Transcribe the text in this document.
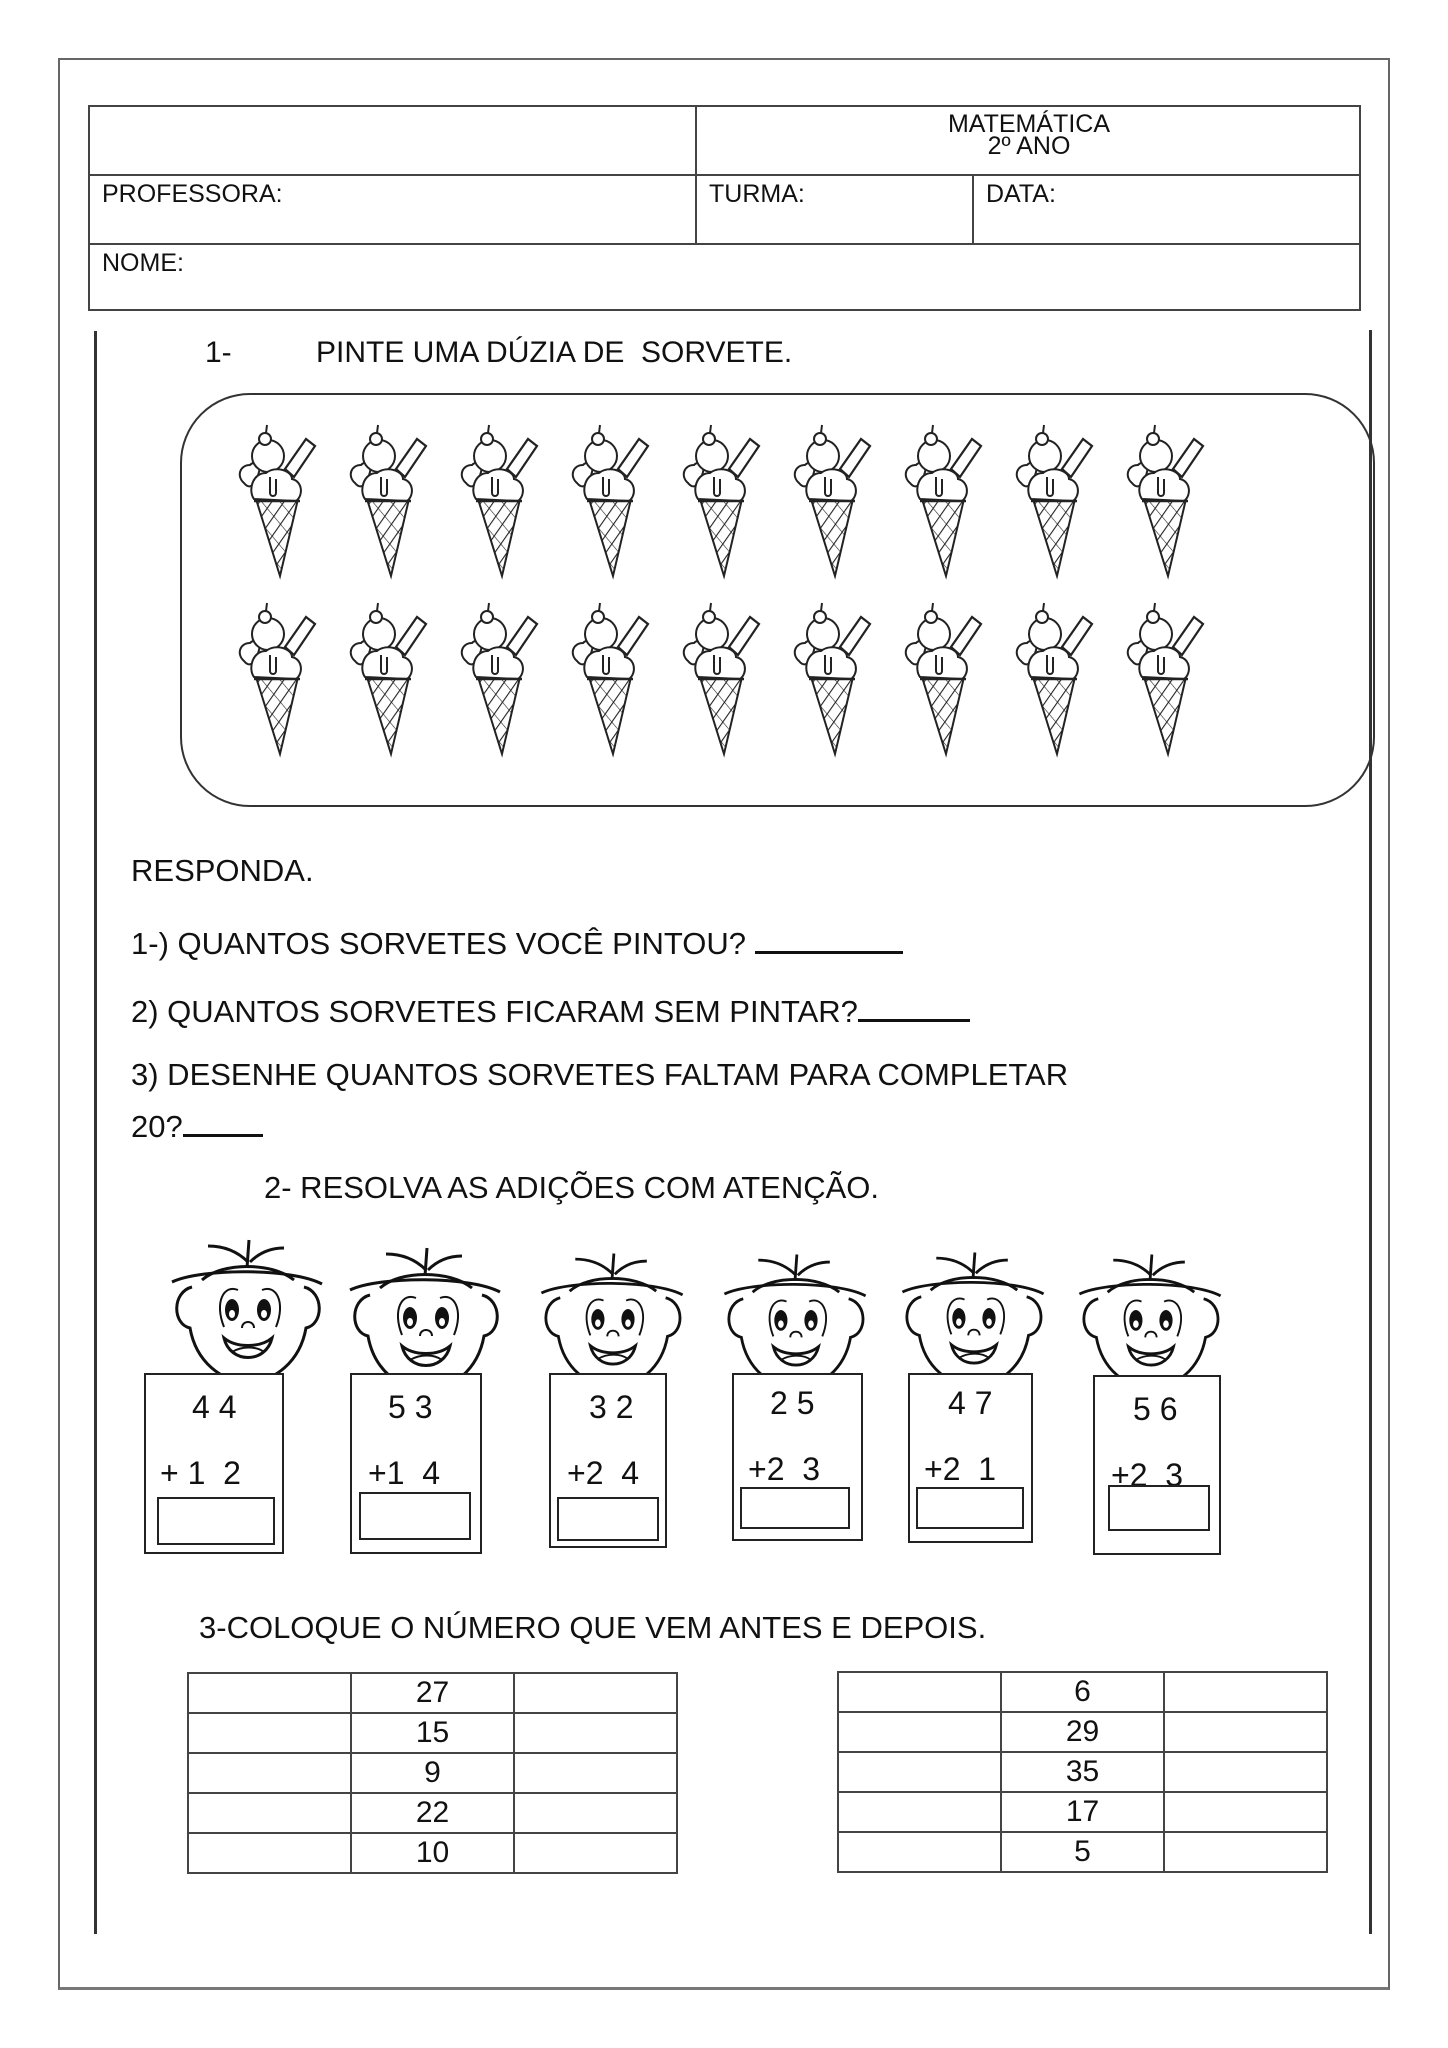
MATEMÁTICA
2º ANO
PROFESSORA:	TURMA:	DATA:
NOME:
1-	PINTE UMA DÚZIA DE  SORVETE.
RESPONDA.
1-) QUANTOS SORVETES VOCÊ PINTOU?
2) QUANTOS SORVETES FICARAM SEM PINTAR?
3) DESENHE QUANTOS SORVETES FALTAM PARA COMPLETAR
20?
2- RESOLVA AS ADIÇÕES COM ATENÇÃO.
4 4
+ 1  2
5 3
+1  4
3 2
+2  4
2 5
+2  3
4 7
+2  1
5 6
+2  3
3-COLOQUE O NÚMERO QUE VEM ANTES E DEPOIS.
	27	
	15	
	9	
	22	
	10	
	6	
	29	
	35	
	17	
	5	
